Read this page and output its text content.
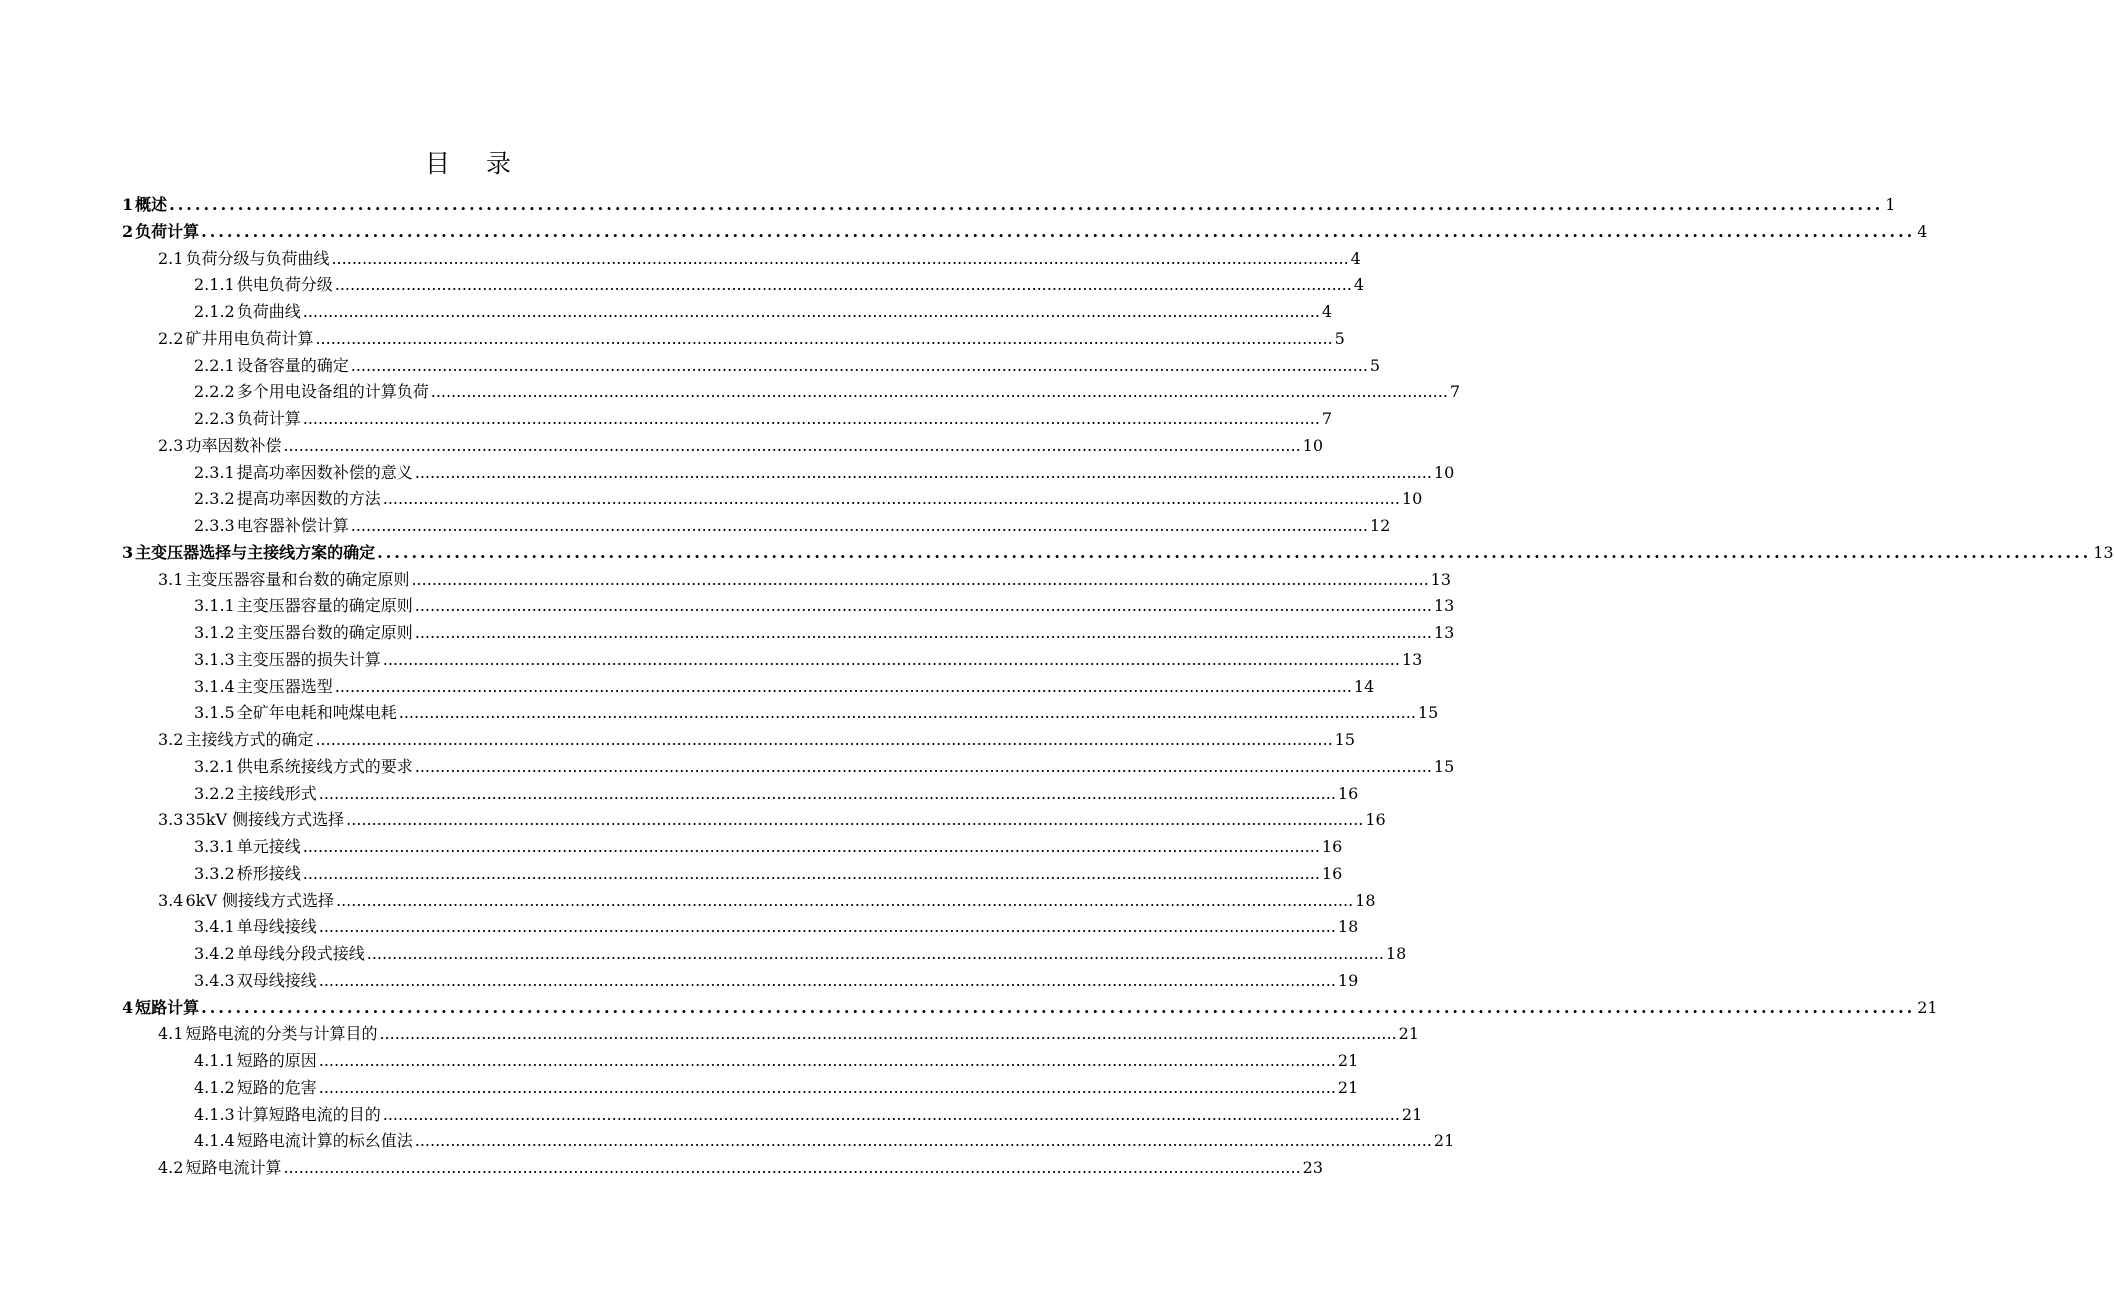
目 录
1 概述 ........................................................................................................................................................................................................ 1
2 负荷计算 ........................................................................................................................................................................................................ 4
2.1 负荷分级与负荷曲线 ........................................................................................................................................................................................................ 4
2.1.1 供电负荷分级 ........................................................................................................................................................................................................ 4
2.1.2 负荷曲线 ........................................................................................................................................................................................................ 4
2.2 矿井用电负荷计算 ........................................................................................................................................................................................................ 5
2.2.1 设备容量的确定 ........................................................................................................................................................................................................ 5
2.2.2 多个用电设备组的计算负荷 ........................................................................................................................................................................................................ 7
2.2.3 负荷计算 ........................................................................................................................................................................................................ 7
2.3 功率因数补偿 ........................................................................................................................................................................................................ 10
2.3.1 提高功率因数补偿的意义 ........................................................................................................................................................................................................ 10
2.3.2 提高功率因数的方法 ........................................................................................................................................................................................................ 10
2.3.3 电容器补偿计算 ........................................................................................................................................................................................................ 12
3 主变压器选择与主接线方案的确定 ........................................................................................................................................................................................................ 13
3.1 主变压器容量和台数的确定原则 ........................................................................................................................................................................................................ 13
3.1.1 主变压器容量的确定原则 ........................................................................................................................................................................................................ 13
3.1.2 主变压器台数的确定原则 ........................................................................................................................................................................................................ 13
3.1.3 主变压器的损失计算 ........................................................................................................................................................................................................ 13
3.1.4 主变压器选型 ........................................................................................................................................................................................................ 14
3.1.5 全矿年电耗和吨煤电耗 ........................................................................................................................................................................................................ 15
3.2 主接线方式的确定 ........................................................................................................................................................................................................ 15
3.2.1 供电系统接线方式的要求 ........................................................................................................................................................................................................ 15
3.2.2 主接线形式 ........................................................................................................................................................................................................ 16
3.3 35kV 侧接线方式选择 ........................................................................................................................................................................................................ 16
3.3.1 单元接线 ........................................................................................................................................................................................................ 16
3.3.2 桥形接线 ........................................................................................................................................................................................................ 16
3.4 6kV 侧接线方式选择 ........................................................................................................................................................................................................ 18
3.4.1 单母线接线 ........................................................................................................................................................................................................ 18
3.4.2 单母线分段式接线 ........................................................................................................................................................................................................ 18
3.4.3 双母线接线 ........................................................................................................................................................................................................ 19
4 短路计算 ........................................................................................................................................................................................................ 21
4.1 短路电流的分类与计算目的 ........................................................................................................................................................................................................ 21
4.1.1 短路的原因 ........................................................................................................................................................................................................ 21
4.1.2 短路的危害 ........................................................................................................................................................................................................ 21
4.1.3 计算短路电流的目的 ........................................................................................................................................................................................................ 21
4.1.4 短路电流计算的标幺值法 ........................................................................................................................................................................................................ 21
4.2 短路电流计算 ........................................................................................................................................................................................................ 23
